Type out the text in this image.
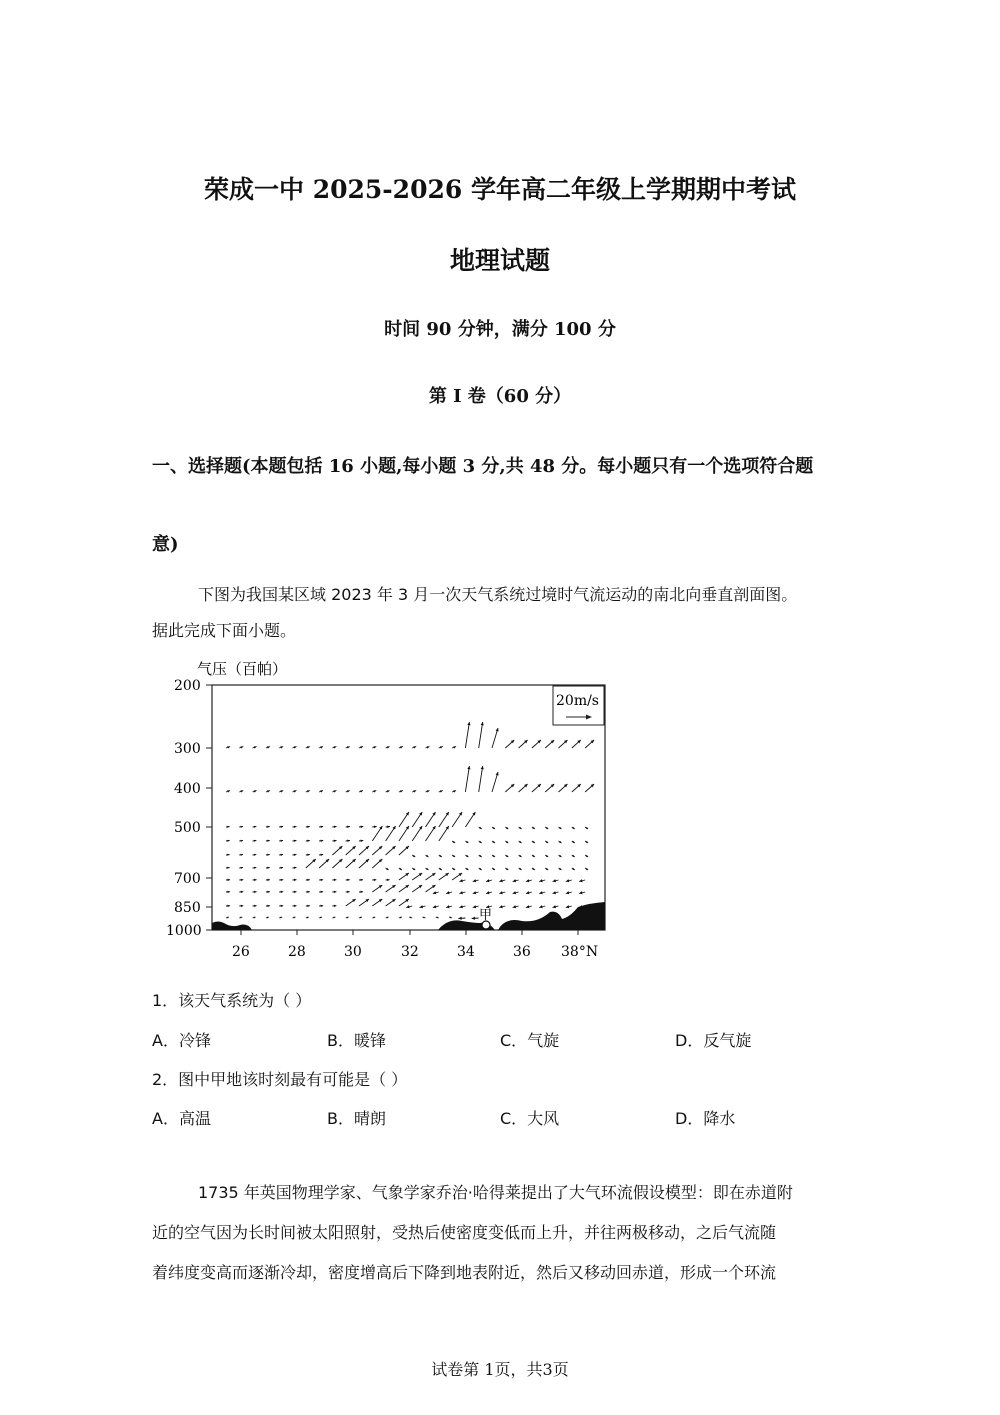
荣成一中 2025-2026 学年高二年级上学期期中考试
地理试题
时间 90 分钟，满分 100 分
第 I 卷（60 分）
一、选择题(本题包括 16 小题,每小题 3 分,共 48 分。每小题只有一个选项符合题
意)
下图为我国某区域 2023 年 3 月一次天气系统过境时气流运动的南北向垂直剖面图。
据此完成下面小题。
气压（百帕）
200
300
400
500
700
850
1000
26	28	30	32	34	36 38°N
20m/s
甲
1．该天气系统为（ ）
A．冷锋	B．暖锋	C．气旋	D．反气旋
2．图中甲地该时刻最有可能是（ ）
A．高温	B．晴朗	C．大风	D．降水
1735 年英国物理学家、气象学家乔治·哈得莱提出了大气环流假设模型：即在赤道附
近的空气因为长时间被太阳照射，受热后使密度变低而上升，并往两极移动，之后气流随
着纬度变高而逐渐冷却，密度增高后下降到地表附近，然后又移动回赤道，形成一个环流
试卷第 1页，共3页
